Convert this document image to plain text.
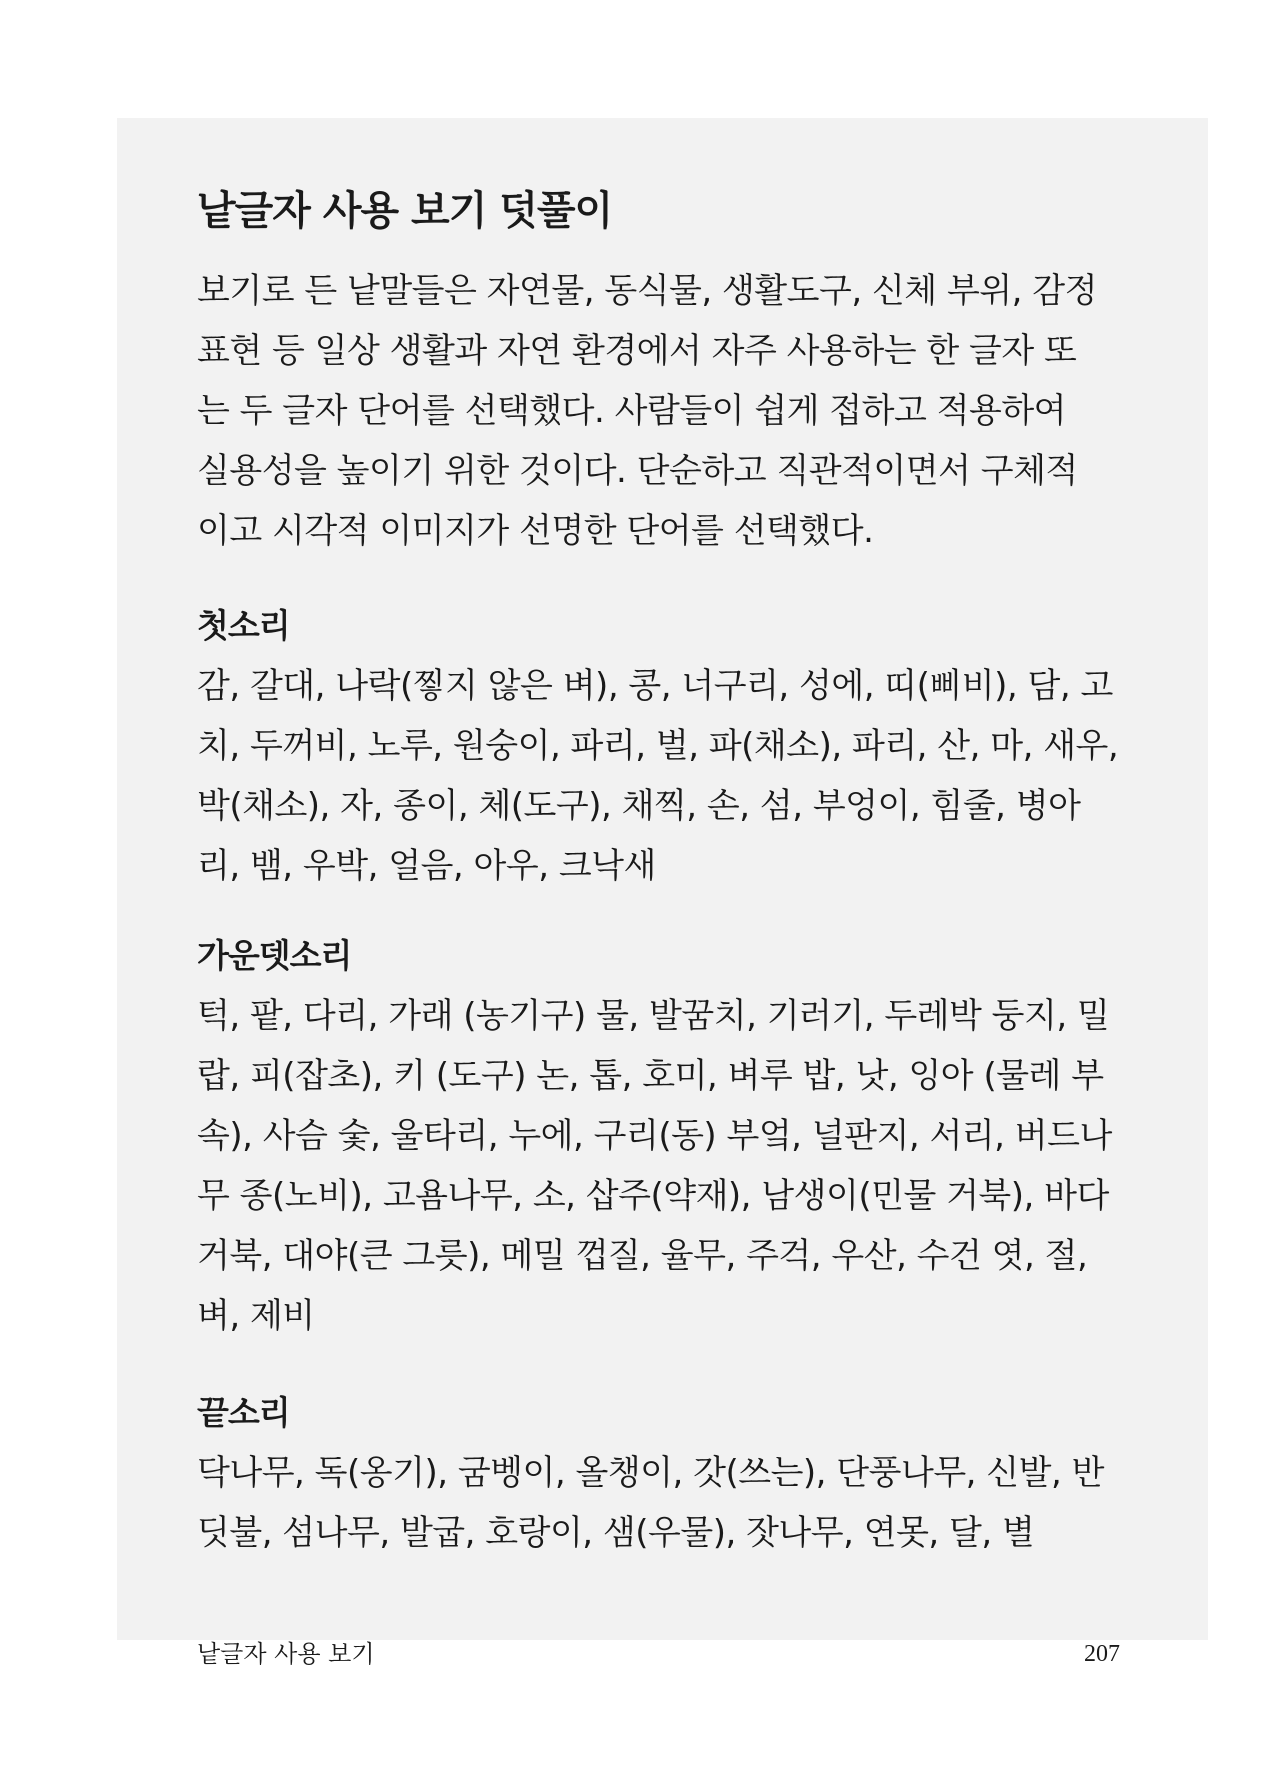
낱글자 사용 보기 덧풀이
보기로 든 낱말들은 자연물, 동식물, 생활도구, 신체 부위, 감정
표현 등 일상 생활과 자연 환경에서 자주 사용하는 한 글자 또
는 두 글자 단어를 선택했다. 사람들이 쉽게 접하고 적용하여
실용성을 높이기 위한 것이다. 단순하고 직관적이면서 구체적
이고 시각적 이미지가 선명한 단어를 선택했다.
첫소리
감, 갈대, 나락(찧지 않은 벼), 콩, 너구리, 성에, 띠(삐비), 담, 고
치, 두꺼비, 노루, 원숭이, 파리, 벌, 파(채소), 파리, 산, 마, 새우,
박(채소), 자, 종이, 체(도구), 채찍, 손, 섬, 부엉이, 힘줄, 병아
리, 뱀, 우박, 얼음, 아우, 크낙새
가운뎃소리
턱, 팥, 다리, 가래 (농기구) 물, 발꿈치, 기러기, 두레박 둥지, 밀
랍, 피(잡초), 키 (도구) 논, 톱, 호미, 벼루 밥, 낫, 잉아 (물레 부
속), 사슴 숯, 울타리, 누에, 구리(동) 부엌, 널판지, 서리, 버드나
무 종(노비), 고욤나무, 소, 삽주(약재), 남생이(민물 거북), 바다
거북, 대야(큰 그릇), 메밀 껍질, 율무, 주걱, 우산, 수건 엿, 절,
벼, 제비
끝소리
닥나무, 독(옹기), 굼벵이, 올챙이, 갓(쓰는), 단풍나무, 신발, 반
딧불, 섬나무, 발굽, 호랑이, 샘(우물), 잣나무, 연못, 달, 별
낱글자 사용 보기	207
